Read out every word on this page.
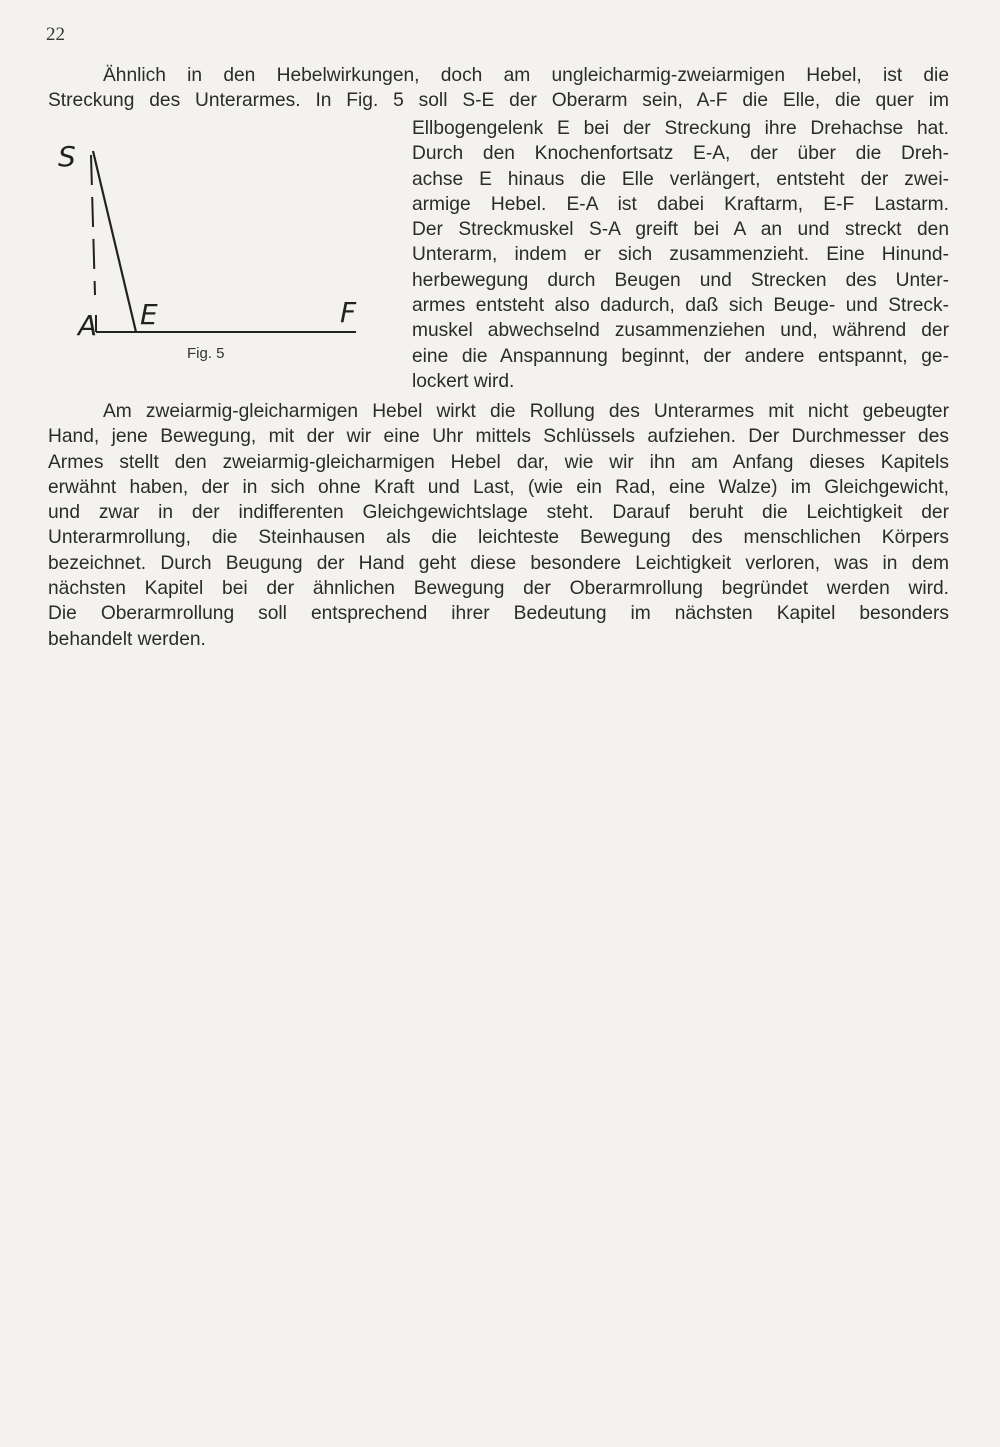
22
Ähnlich in den Hebelwirkungen, doch am ungleicharmig-zweiarmigen Hebel, ist die
Streckung des Unterarmes. In Fig. 5 soll S-E der Oberarm sein, A-F die Elle, die quer im
S
A E	F
Fig. 5
Ellbogengelenk E bei der Streckung ihre Drehachse hat.
Durch den Knochenfortsatz E-A, der über die Dreh-
achse E hinaus die Elle verlängert, entsteht der zwei-
armige Hebel. E-A ist dabei Kraftarm, E-F Lastarm.
Der Streckmuskel S-A greift bei A an und streckt den
Unterarm, indem er sich zusammenzieht. Eine Hinund-
herbewegung durch Beugen und Strecken des Unter-
armes entsteht also dadurch, daß sich Beuge- und Streck-
muskel abwechselnd zusammenziehen und, während der
eine die Anspannung beginnt, der andere entspannt, ge-
lockert wird.
Am zweiarmig-gleicharmigen Hebel wirkt die Rollung des Unterarmes mit nicht gebeugter
Hand, jene Bewegung, mit der wir eine Uhr mittels Schlüssels aufziehen. Der Durchmesser des
Armes stellt den zweiarmig-gleicharmigen Hebel dar, wie wir ihn am Anfang dieses Kapitels
erwähnt haben, der in sich ohne Kraft und Last, (wie ein Rad, eine Walze) im Gleichgewicht,
und zwar in der indifferenten Gleichgewichtslage steht. Darauf beruht die Leichtigkeit der
Unterarmrollung, die Steinhausen als die leichteste Bewegung des menschlichen Körpers
bezeichnet. Durch Beugung der Hand geht diese besondere Leichtigkeit verloren, was in dem
nächsten Kapitel bei der ähnlichen Bewegung der Oberarmrollung begründet werden wird.
Die Oberarmrollung soll entsprechend ihrer Bedeutung im nächsten Kapitel besonders
behandelt werden.
